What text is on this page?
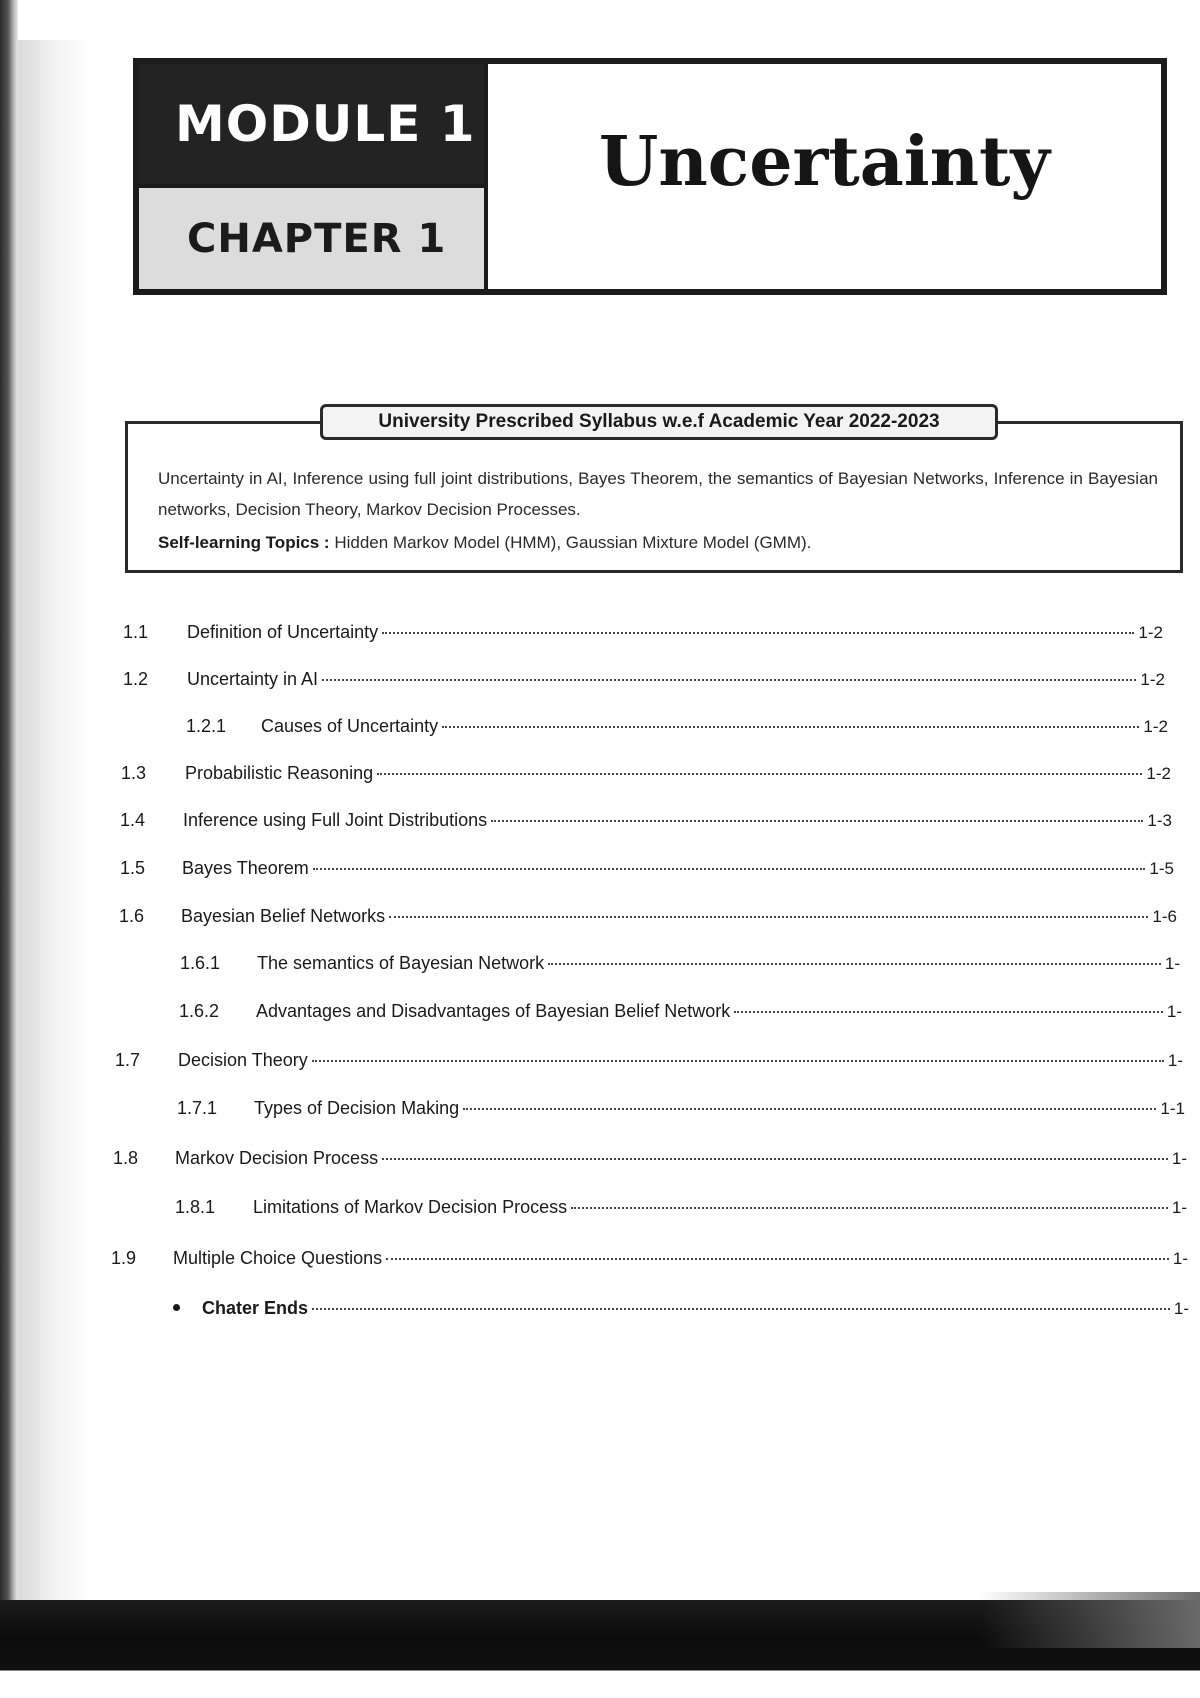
MODULE 1
CHAPTER 1
Uncertainty
University Prescribed Syllabus w.e.f Academic Year 2022-2023
Uncertainty in AI, Inference using full joint distributions, Bayes Theorem, the semantics of Bayesian Networks, Inference in Bayesian networks, Decision Theory, Markov Decision Processes.
Self-learning Topics : Hidden Markov Model (HMM), Gaussian Mixture Model (GMM).
1.1	Definition of Uncertainty	1-2
1.2	Uncertainty in AI	1-2
1.2.1	Causes of Uncertainty	1-2
1.3	Probabilistic Reasoning	1-2
1.4	Inference using Full Joint Distributions	1-3
1.5	Bayes Theorem	1-5
1.6	Bayesian Belief Networks	1-6
1.6.1	The semantics of Bayesian Network	1-
1.6.2	Advantages and Disadvantages of Bayesian Belief Network	1-
1.7	Decision Theory	1-
1.7.1	Types of Decision Making	1-1
1.8	Markov Decision Process	1-
1.8.1	Limitations of Markov Decision Process	1-
1.9	Multiple Choice Questions	1-
Chater Ends	1-
